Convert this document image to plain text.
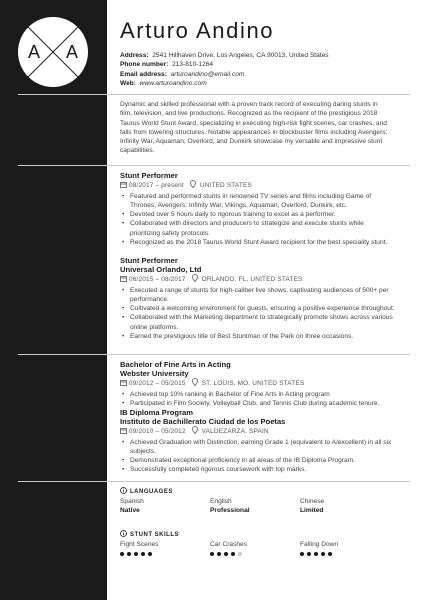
A A
Arturo Andino
Address: 2541 Hillhaven Drive, Los Angeles, CA 90013, United States
Phone number: 213-810-1264
Email address: arturoandino@email.com
Web: www.arturoandino.com
PROFILE
WORK EXPERIENCE
EDUCATION
SKILLS
Dynamic and skilled professional with a proven track record of executing daring stunts in film, television, and live productions. Recognized as the recipient of the prestigious 2018 Taurus World Stunt Award, specializing in executing high-risk fight scenes, car crashes, and falls from towering structures. Notable appearances in blockbuster films including Avengers: Infinity War, Aquaman, Overlord, and Dunkirk showcase my versatile and impressive stunt capabilities.
Stunt Performer
08/2017 – present UNITED STATES
• Featured and performed stunts in renowned TV series and films including Game of Thrones, Avengers: Infinity War, Vikings, Aquaman, Overlord, Dunkirk, etc.
• Devoted over 5 hours daily to rigorous training to excel as a performer.
• Collaborated with directors and producers to strategize and execute stunts while prioritizing safety protocols.
• Recognized as the 2018 Taurus World Stunt Award recipient for the best speciality stunt.
Stunt Performer
Universal Orlando, Ltd
06/2015 – 08/2017 ORLANDO, FL, UNITED STATES
• Executed a range of stunts for high-caliber live shows, captivating audiences of 500+ per performance.
• Cultivated a welcoming environment for guests, ensuring a positive experience throughout.
• Collaborated with the Marketing department to strategically promote shows across various online platforms.
• Earned the prestigious title of Best Stuntman of the Park on three occasions.
Bachelor of Fine Arts in Acting
Webster University
09/2012 – 05/2015 ST. LOUIS, MO, UNITED STATES
• Achieved top 10% ranking in Bachelor of Fine Arts in Acting program
• Participated in Film Society, Volleyball Club, and Tennis Club during academic tenure.
IB Diploma Program
Instituto de Bachillerato Ciudad de los Poetas
09/2010 – 05/2012 VALDEZARZA, SPAIN
• Achieved Graduation with Distinction, earning Grade 1 (equivalent to A/excellent) in all six subjects.
• Demonstrated exceptional proficiency in all areas of the IB Diploma Program.
• Successfully completed rigorous coursework with top marks.
LANGUAGES
Spanish
Native
English
Professional
Chinese
Limited
STUNT SKILLS
Fight Scenes	Car Crashes	Falling Down
